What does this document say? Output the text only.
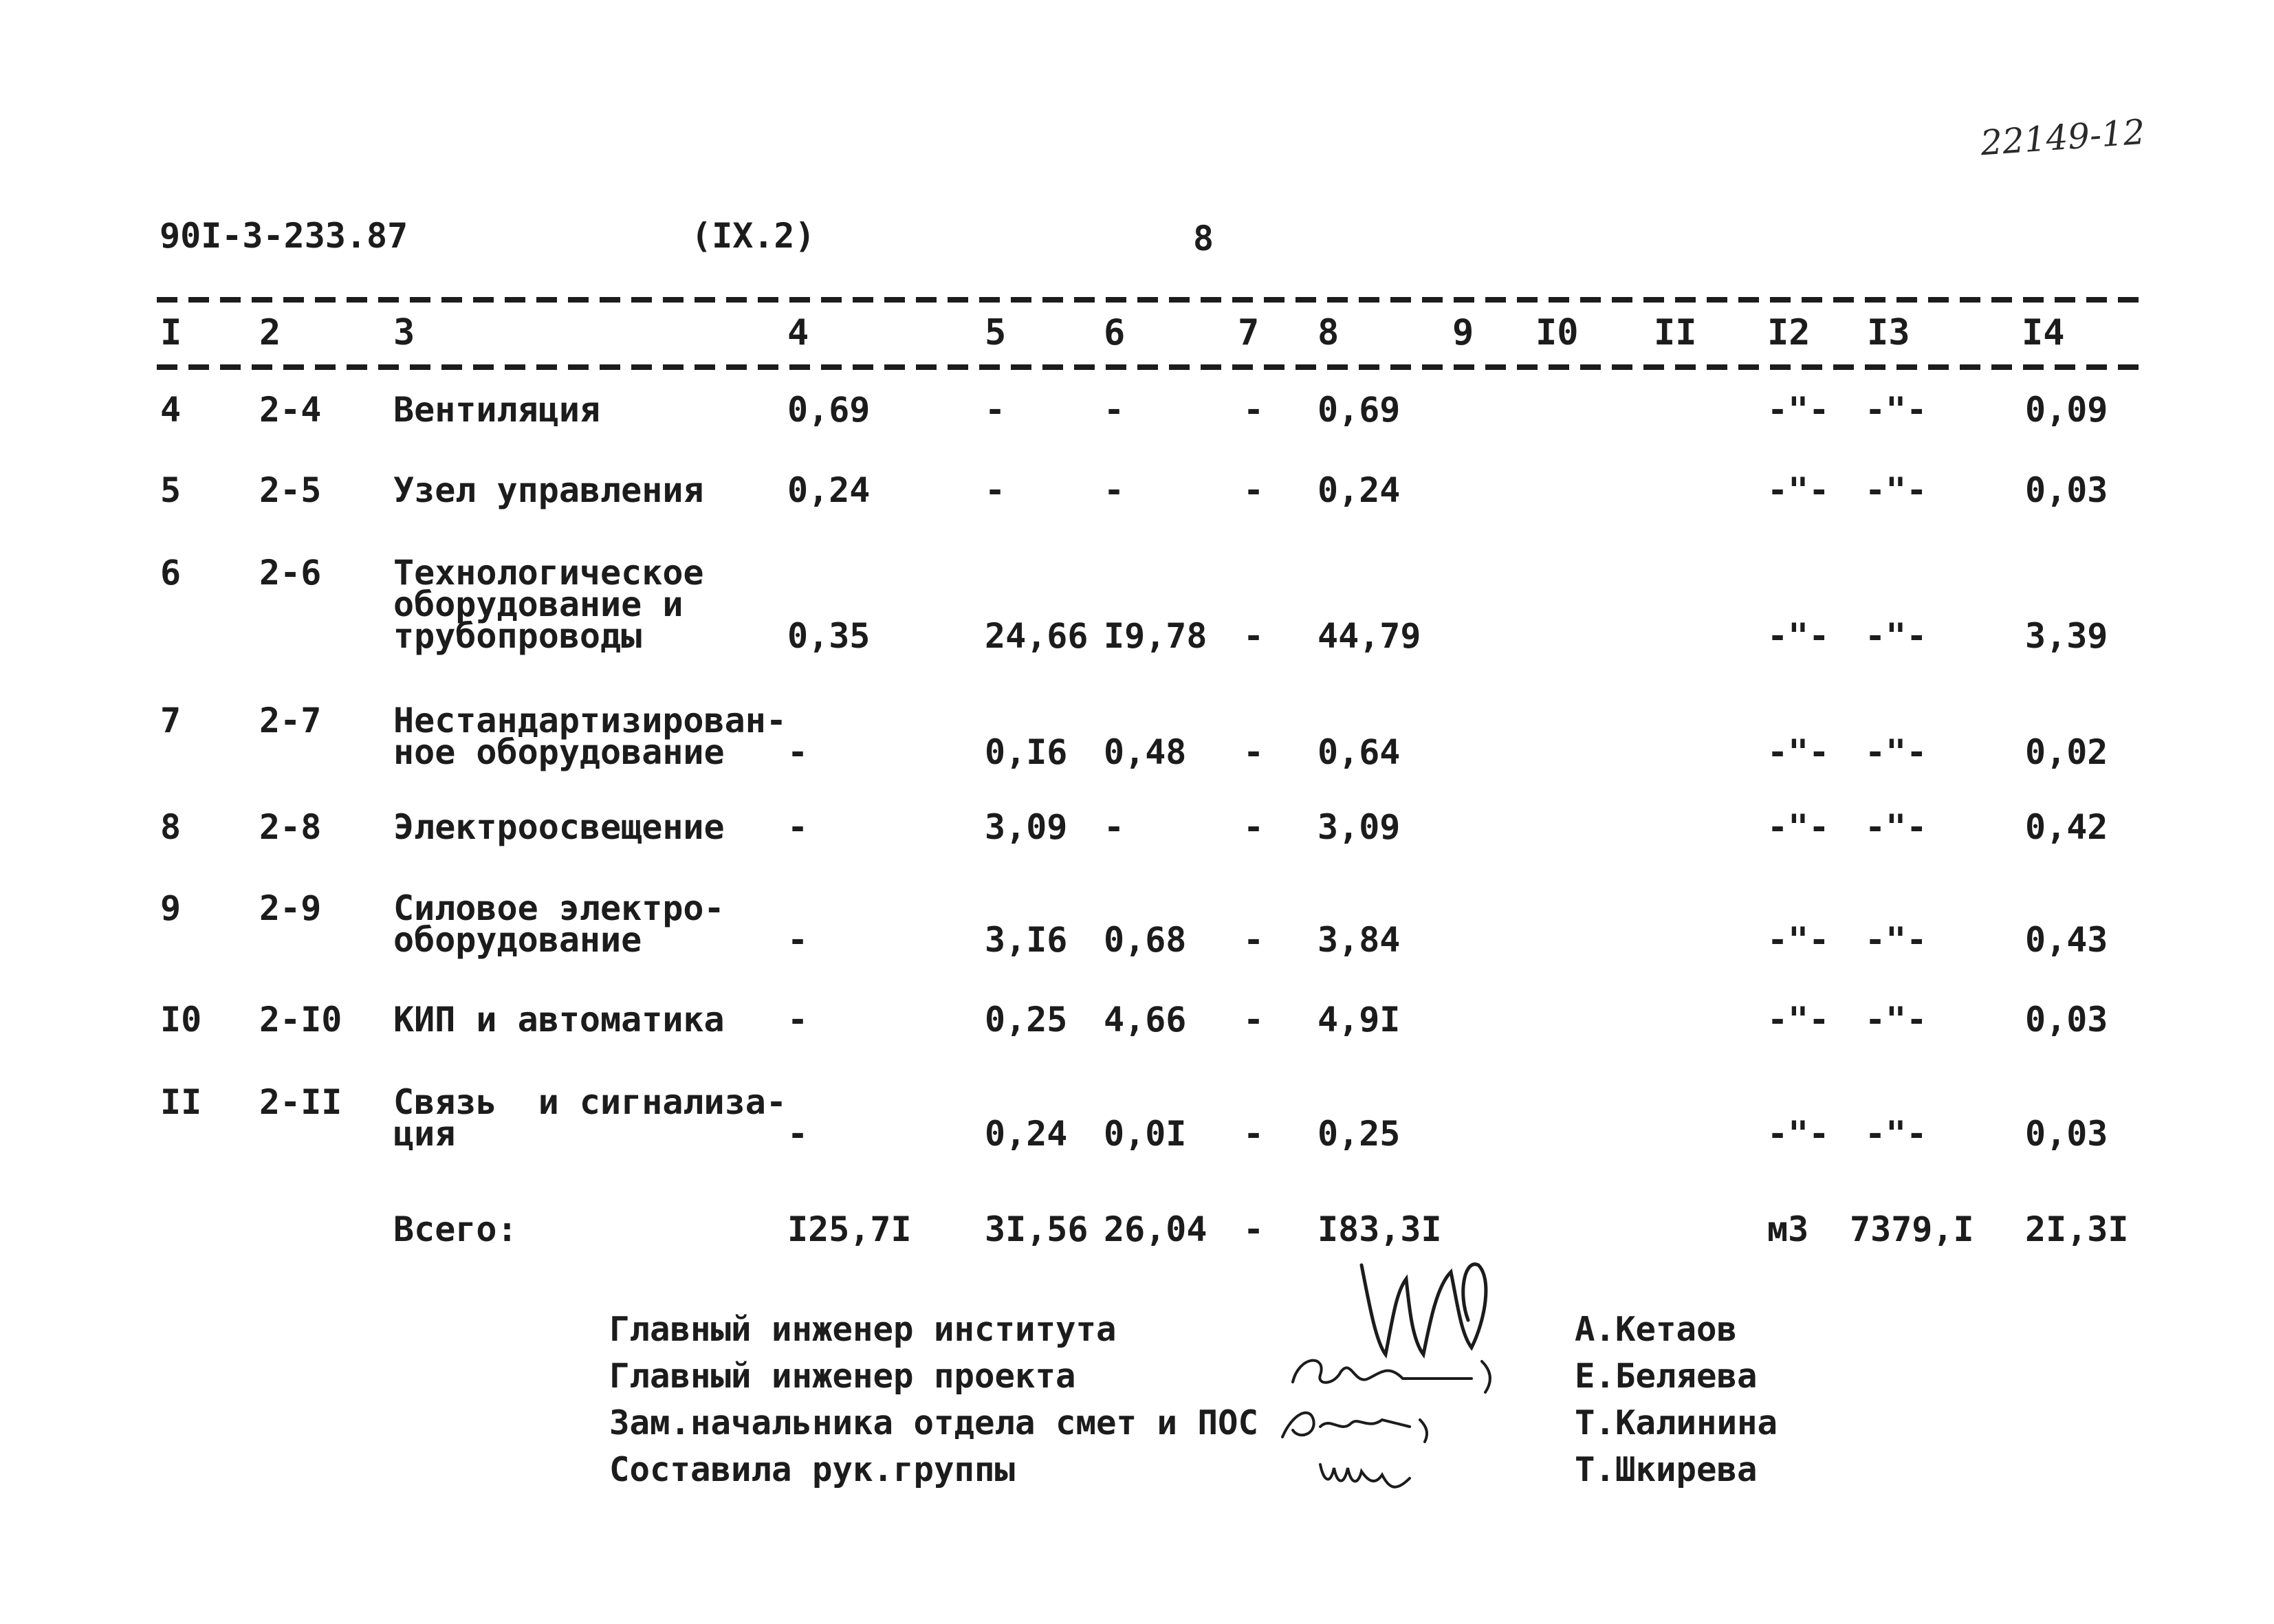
22149-12
90I-3-233.87	(IX.2)	8
I 2	3	4	5	6	7 8	9 I0 II I2 I3	I4
4 2-4 Вентиляция	0,69	-	-	- 0,69	-"- -"-	0,09
5 2-5 Узел управления 0,24	-	-	- 0,24	-"- -"-	0,03
6 2-6 Технологическое
оборудование и
трубопроводы	0,35	24,66 I9,78 - 44,79	-"- -"-	3,39
7 2-7 Нестандартизирован-
ное оборудование	-	0,I6 0,48 - 0,64	-"- -"-	0,02
8 2-8 Электроосвещение -	3,09 -	- 3,09	-"- -"-	0,42
9 2-9 Силовое электро-
оборудование	-	3,I6 0,68 - 3,84	-"- -"-	0,43
I0 2-I0 КИП и автоматика -	0,25 4,66 - 4,9I	-"- -"-	0,03
II 2-II Связь  и сигнализа-
ция	-	0,24 0,0I - 0,25	-"- -"-	0,03
Всего:	I25,7I 3I,56 26,04 - I83,3I	м3 7379,I 2I,3I
Главный инженер института	А.Кетаов
Главный инженер проекта	Е.Беляева
Зам.начальника отдела смет и ПОС	Т.Калинина
Составила рук.группы	Т.Шкирева
